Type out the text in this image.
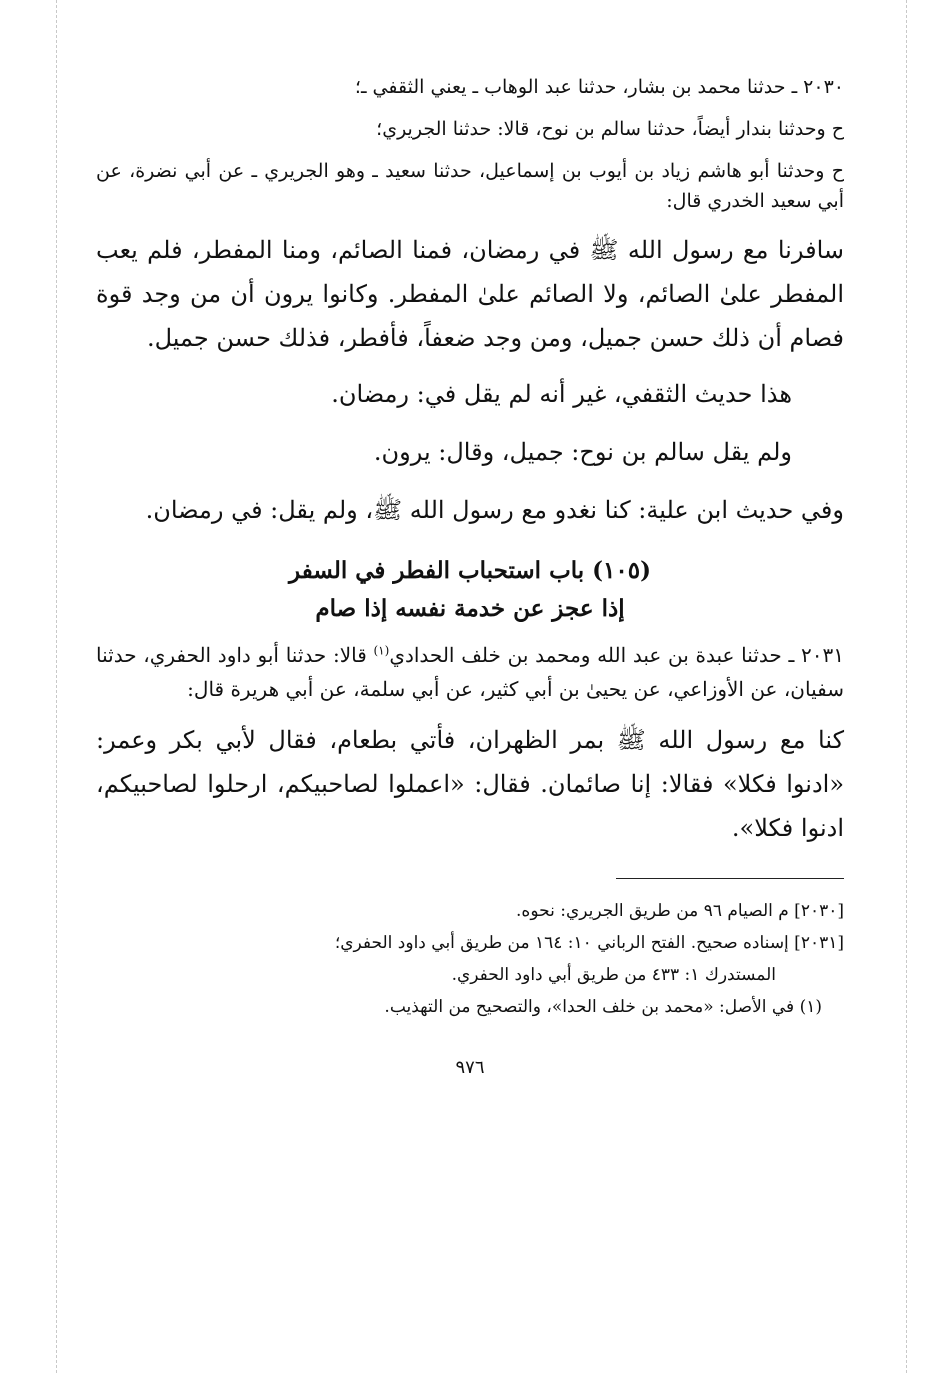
٢٠٣٠ ـ حدثنا محمد بن بشار، حدثنا عبد الوهاب ـ يعني الثقفي ـ؛

ح وحدثنا بندار أيضاً، حدثنا سالم بن نوح، قالا: حدثنا الجريري؛

ح وحدثنا أبو هاشم زياد بن أيوب بن إسماعيل، حدثنا سعيد ـ وهو الجريري ـ عن أبي نضرة، عن أبي سعيد الخدري قال:

سافرنا مع رسول الله ﷺ في رمضان، فمنا الصائم، ومنا المفطر، فلم يعب المفطر علىٰ الصائم، ولا الصائم علىٰ المفطر. وكانوا يرون أن من وجد قوة فصام أن ذلك حسن جميل، ومن وجد ضعفاً، فأفطر، فذلك حسن جميل.

هذا حديث الثقفي، غير أنه لم يقل في: رمضان.

ولم يقل سالم بن نوح: جميل، وقال: يرون.

وفي حديث ابن علية: كنا نغدو مع رسول الله ﷺ، ولم يقل: في رمضان.

(١٠٥) باب استحباب الفطر في السفر
إذا عجز عن خدمة نفسه إذا صام

٢٠٣١ ـ حدثنا عبدة بن عبد الله ومحمد بن خلف الحدادي$^{(١)}$ قالا: حدثنا أبو داود الحفري، حدثنا سفيان، عن الأوزاعي، عن يحيىٰ بن أبي كثير، عن أبي سلمة، عن أبي هريرة قال:

كنا مع رسول الله ﷺ بمر الظهران، فأتي بطعام، فقال لأبي بكر وعمر: «ادنوا فكلا» فقالا: إنا صائمان. فقال: «اعملوا لصاحبيكم، ارحلوا لصاحبيكم، ادنوا فكلا».

[٢٠٣٠] م الصيام ٩٦ من طريق الجريري: نحوه.

[٢٠٣١] إسناده صحيح. الفتح الرباني ١٠: ١٦٤ من طريق أبي داود الحفري؛

المستدرك ١: ٤٣٣ من طريق أبي داود الحفري.

(١) في الأصل: «محمد بن خلف الحدا»، والتصحيح من التهذيب.

٩٧٦
